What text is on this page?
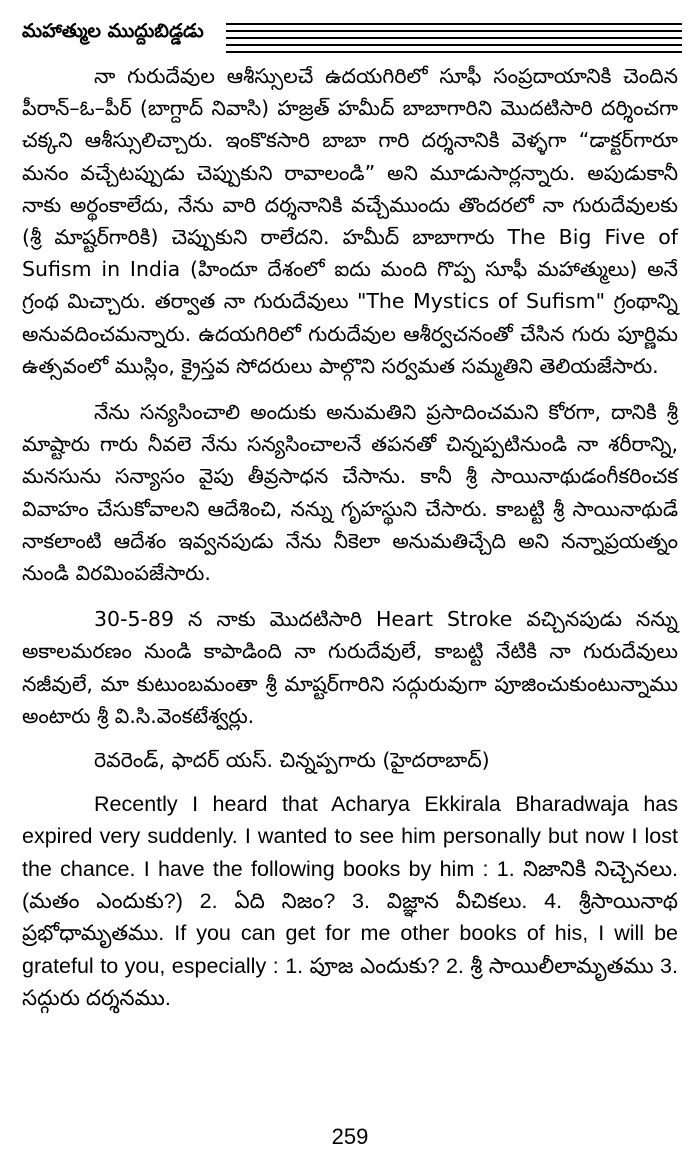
మహాత్ముల ముద్దుబిడ్డడు

నా గురుదేవుల ఆశీస్సులచే ఉదయగిరిలో సూఫీ సంప్రదాయానికి చెందిన పీరాన్–ఓ–పీర్ (బాగ్దాద్ నివాసి) హజ్రత్ హమీద్ బాబాగారిని మొదటిసారి దర్శించగా చక్కని ఆశీస్సులిచ్చారు. ఇంకొకసారి బాబా గారి దర్శనానికి వెళ్ళగా “డాక్టర్‌గారూ మనం వచ్చేటప్పుడు చెప్పుకుని రావాలండి” అని మూడుసార్లన్నారు. అపుడుకానీ నాకు అర్థంకాలేదు, నేను వారి దర్శనానికి వచ్చేముందు తొందరలో నా గురుదేవులకు (శ్రీ మాష్టర్‌గారికి) చెప్పుకుని రాలేదని. హమీద్ బాబాగారు The Big Five of Sufism in India (హిందూ దేశంలో ఐదు మంది గొప్ప సూఫీ మహాత్ములు) అనే గ్రంథ మిచ్చారు. తర్వాత నా గురుదేవులు "The Mystics of Sufism" గ్రంథాన్ని అనువదించమన్నారు. ఉదయగిరిలో గురుదేవుల ఆశీర్వచనంతో చేసిన గురు పూర్ణిమ ఉత్సవంలో ముస్లిం, క్రైస్తవ సోదరులు పాల్గొని సర్వమత సమ్మతిని తెలియజేసారు.

నేను సన్యసించాలి అందుకు అనుమతిని ప్రసాదించమని కోరగా, దానికి శ్రీ మాష్టారు గారు నీవలె నేను సన్యసించాలనే తపనతో చిన్నప్పటినుండి నా శరీరాన్ని, మనసును సన్యాసం వైపు తీవ్రసాధన చేసాను. కానీ శ్రీ సాయినాథుడంగీకరించక వివాహం చేసుకోవాలని ఆదేశించి, నన్ను గృహస్థుని చేసారు. కాబట్టి శ్రీ సాయినాథుడే నాకలాంటి ఆదేశం ఇవ్వనపుడు నేను నీకెలా అనుమతిచ్చేది అని నన్నాప్రయత్నం నుండి విరమింపజేసారు.

30-5-89 న నాకు మొదటిసారి Heart Stroke వచ్చినపుడు నన్ను అకాలమరణం నుండి కాపాడింది నా గురుదేవులే, కాబట్టి నేటికి నా గురుదేవులు నజీవులే, మా కుటుంబమంతా శ్రీ మాష్టర్‌గారిని సద్గురువుగా పూజించుకుంటున్నాము అంటారు శ్రీ వి.సి.వెంకటేశ్వర్లు.

రెవరెండ్, ఫాదర్ యస్. చిన్నప్పగారు (హైదరాబాద్)

Recently I heard that Acharya Ekkirala Bharadwaja has expired very suddenly. I wanted to see him personally but now I lost the chance. I have the following books by him : 1. నిజానికి నిచ్చెనలు. (మతం ఎందుకు?) 2. ఏది నిజం? 3. విజ్ఞాన వీచికలు. 4. శ్రీసాయినాథ ప్రభోధామృతము. If you can get for me other books of his, I will be grateful to you, especially : 1. పూజ ఎందుకు? 2. శ్రీ సాయిలీలామృతము 3. సద్గురు దర్శనము.

259
